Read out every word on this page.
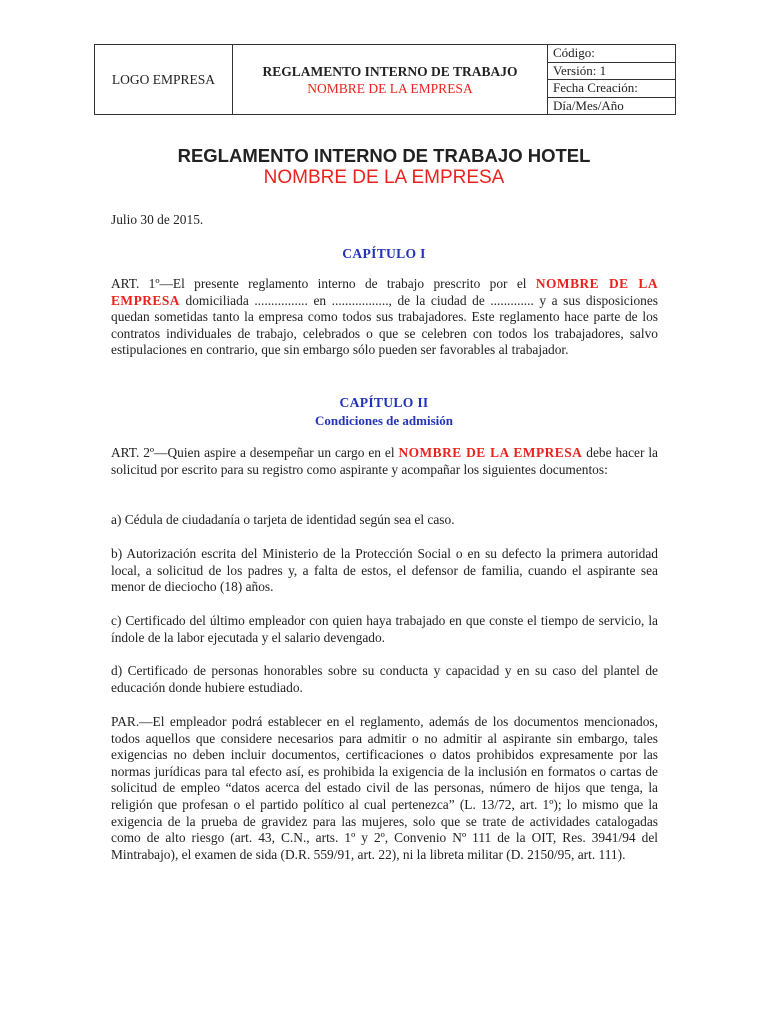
LOGO EMPRESA	
REGLAMENTO INTERNO DE TRABAJO
NOMBRE DE LA EMPRESA

Código:
Versión: 1
Fecha Creación:
Día/Mes/Año
REGLAMENTO INTERNO DE TRABAJO HOTEL
NOMBRE DE LA EMPRESA
Julio 30 de 2015.
CAPÍTULO I
ART. 1º—El presente reglamento interno de trabajo prescrito por el NOMBRE DE LA EMPRESA domiciliada ................ en ................., de la ciudad de ............. y a sus disposiciones quedan sometidas tanto la empresa como todos sus trabajadores. Este reglamento hace parte de los contratos individuales de trabajo, celebrados o que se celebren con todos los trabajadores, salvo estipulaciones en contrario, que sin embargo sólo pueden ser favorables al trabajador.
CAPÍTULO II
Condiciones de admisión
ART. 2º—Quien aspire a desempeñar un cargo en el NOMBRE DE LA EMPRESA debe hacer la solicitud por escrito para su registro como aspirante y acompañar los siguientes documentos:
a) Cédula de ciudadanía o tarjeta de identidad según sea el caso.
b) Autorización escrita del Ministerio de la Protección Social o en su defecto la primera autoridad local, a solicitud de los padres y, a falta de estos, el defensor de familia, cuando el aspirante sea menor de dieciocho (18) años.
c) Certificado del último empleador con quien haya trabajado en que conste el tiempo de servicio, la índole de la labor ejecutada y el salario devengado.
d) Certificado de personas honorables sobre su conducta y capacidad y en su caso del plantel de educación donde hubiere estudiado.
PAR.—El empleador podrá establecer en el reglamento, además de los documentos mencionados, todos aquellos que considere necesarios para admitir o no admitir al aspirante sin embargo, tales exigencias no deben incluir documentos, certificaciones o datos prohibidos expresamente por las normas jurídicas para tal efecto así, es prohibida la exigencia de la inclusión en formatos o cartas de solicitud de empleo “datos acerca del estado civil de las personas, número de hijos que tenga, la religión que profesan o el partido político al cual pertenezca” (L. 13/72, art. 1º); lo mismo que la exigencia de la prueba de gravidez para las mujeres, solo que se trate de actividades catalogadas como de alto riesgo (art. 43, C.N., arts. 1º y 2º, Convenio Nº 111 de la OIT, Res. 3941/94 del Mintrabajo), el examen de sida (D.R. 559/91, art. 22), ni la libreta militar (D. 2150/95, art. 111).
